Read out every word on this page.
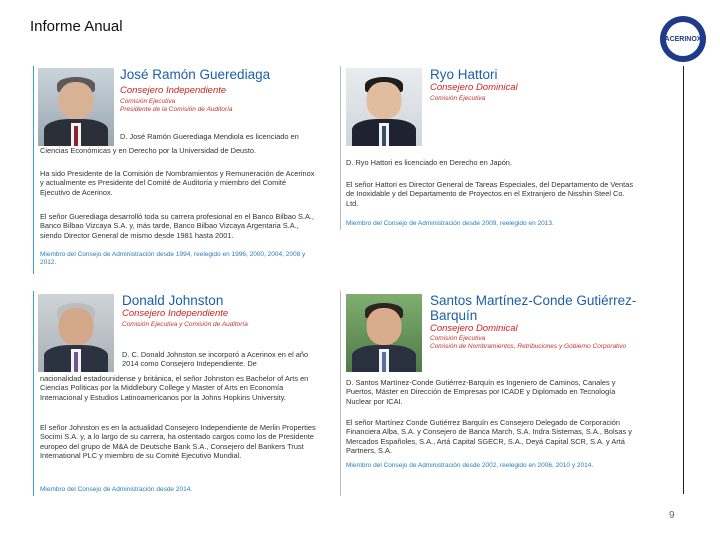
Informe Anual
ACERINOX
José Ramón Guerediaga
Consejero Independiente
Comisión Ejecutiva
Presidente de la Comisión de Auditoría
D. José Ramón Guerediaga Mendiola es licenciado en
Ciencias Económicas y en Derecho por la Universidad de Deusto.
Ha sido Presidente de la Comisión de Nombramientos y Remuneración de Acerinox y actualmente es Presidente del Comité de Auditoría y miembro del Comité Ejecutivo de Acerinox.
El señor Guerediaga desarrolló toda su carrera profesional en el Banco Bilbao S.A., Banco Bilbao Vizcaya S.A. y, más tarde, Banco Bilbao Vizcaya Argentaria S.A., siendo Director General de mismo desde 1981 hasta 2001.
Miembro del Consejo de Administración desde 1994, reelegido en 1996, 2000, 2004, 2008 y 2012.
Ryo Hattori
Consejero Dominical
Comisión Ejecutiva
D. Ryo Hattori es licenciado en Derecho en Japón.
El señor Hattori es Director General de Tareas Especiales, del Departamento de Ventas de Inoxidable y del Departamento de Proyectos en el Extranjero de Nisshin Steel Co. Ltd.
Miembro del Consejo de Administración desde 2009, reelegido en 2013.
Donald Johnston
Consejero Independiente
Comisión Ejecutiva y Comisión de Auditoría
D. C. Donald Johnston se incorporó a Acerinox en el año 2014 como Consejero Independiente. De
nacionalidad estadounidense y británica, el señor Johnston es Bachelor of Arts en Ciencias Políticas por la Middlebury College y Master of Arts en Economía Internacional y Estudios Latinoamericanos por la Johns Hopkins University.
El señor Johnston es en la actualidad Consejero Independiente de Merlin Properties Socimi S.A. y, a lo largo de su carrera, ha ostentado cargos como los de Presidente europeo del grupo de M&A de Deutsche Bank S.A., Consejero del Bankers Trust International PLC y miembro de su Comité Ejecutivo Mundial.
Miembro del Consejo de Administración desde 2014.
Santos Martínez-Conde Gutiérrez-Barquín
Consejero Dominical
Comisión Ejecutiva
Comisión de Nombramientos, Retribuciones y Gobierno Corporativo
D. Santos Martínez-Conde Gutiérrez-Barquín es Ingeniero de Caminos, Canales y Puertos, Máster en Dirección de Empresas por ICADE y Diplomado en Tecnología Nuclear por ICAI.
El señor Martínez Conde Gutiérrez Barquín es Consejero Delegado de Corporación Financiera Alba, S.A. y Consejero de Banca March, S.A. Indra Sistemas, S.A., Bolsas y Mercados Españoles, S.A., Artá Capital SGECR, S.A., Deyá Capital SCR, S.A. y Artá Partners, S.A.
Miembro del Consejo de Administración desde 2002, reelegido en 2006, 2010 y 2014.
9
